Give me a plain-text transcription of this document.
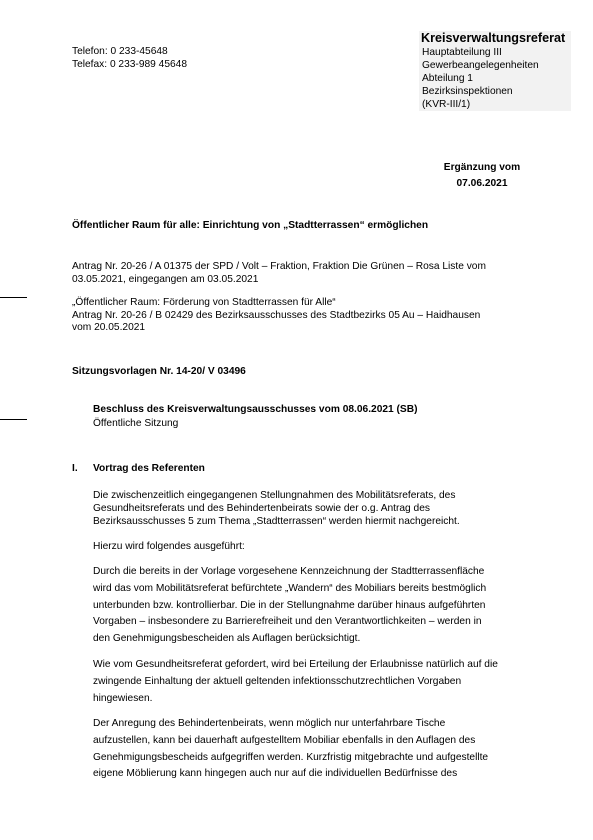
Telefon: 0 233-45648
Telefax: 0 233-989 45648
Kreisverwaltungsreferat
Hauptabteilung III
Gewerbeangelegenheiten
Abteilung 1
Bezirksinspektionen
(KVR-III/1)
Ergänzung vom
07.06.2021
Öffentlicher Raum für alle: Einrichtung von „Stadtterrassen“ ermöglichen
Antrag Nr. 20-26 / A 01375 der SPD / Volt – Fraktion, Fraktion Die Grünen – Rosa Liste vom
03.05.2021, eingegangen am 03.05.2021
„Öffentlicher Raum: Förderung von Stadtterrassen für Alle“
Antrag Nr. 20-26 / B 02429 des Bezirksausschusses des Stadtbezirks 05 Au – Haidhausen
vom 20.05.2021
Sitzungsvorlagen Nr. 14-20/ V 03496
Beschluss des Kreisverwaltungsausschusses vom 08.06.2021 (SB)
Öffentliche Sitzung
I. Vortrag des Referenten
Die zwischenzeitlich eingegangenen Stellungnahmen des Mobilitätsreferats, des
Gesundheitsreferats und des Behindertenbeirats sowie der o.g. Antrag des
Bezirksausschusses 5 zum Thema „Stadtterrassen“ werden hiermit nachgereicht.
Hierzu wird folgendes ausgeführt:
Durch die bereits in der Vorlage vorgesehene Kennzeichnung der Stadtterrassenfläche
wird das vom Mobilitätsreferat befürchtete „Wandern“ des Mobiliars bereits bestmöglich
unterbunden bzw. kontrollierbar. Die in der Stellungnahme darüber hinaus aufgeführten
Vorgaben – insbesondere zu Barrierefreiheit und den Verantwortlichkeiten – werden in
den Genehmigungsbescheiden als Auflagen berücksichtigt.
Wie vom Gesundheitsreferat gefordert, wird bei Erteilung der Erlaubnisse natürlich auf die
zwingende Einhaltung der aktuell geltenden infektionsschutzrechtlichen Vorgaben
hingewiesen.
Der Anregung des Behindertenbeirats, wenn möglich nur unterfahrbare Tische
aufzustellen, kann bei dauerhaft aufgestelltem Mobiliar ebenfalls in den Auflagen des
Genehmigungsbescheids aufgegriffen werden. Kurzfristig mitgebrachte und aufgestellte
eigene Möblierung kann hingegen auch nur auf die individuellen Bedürfnisse des
